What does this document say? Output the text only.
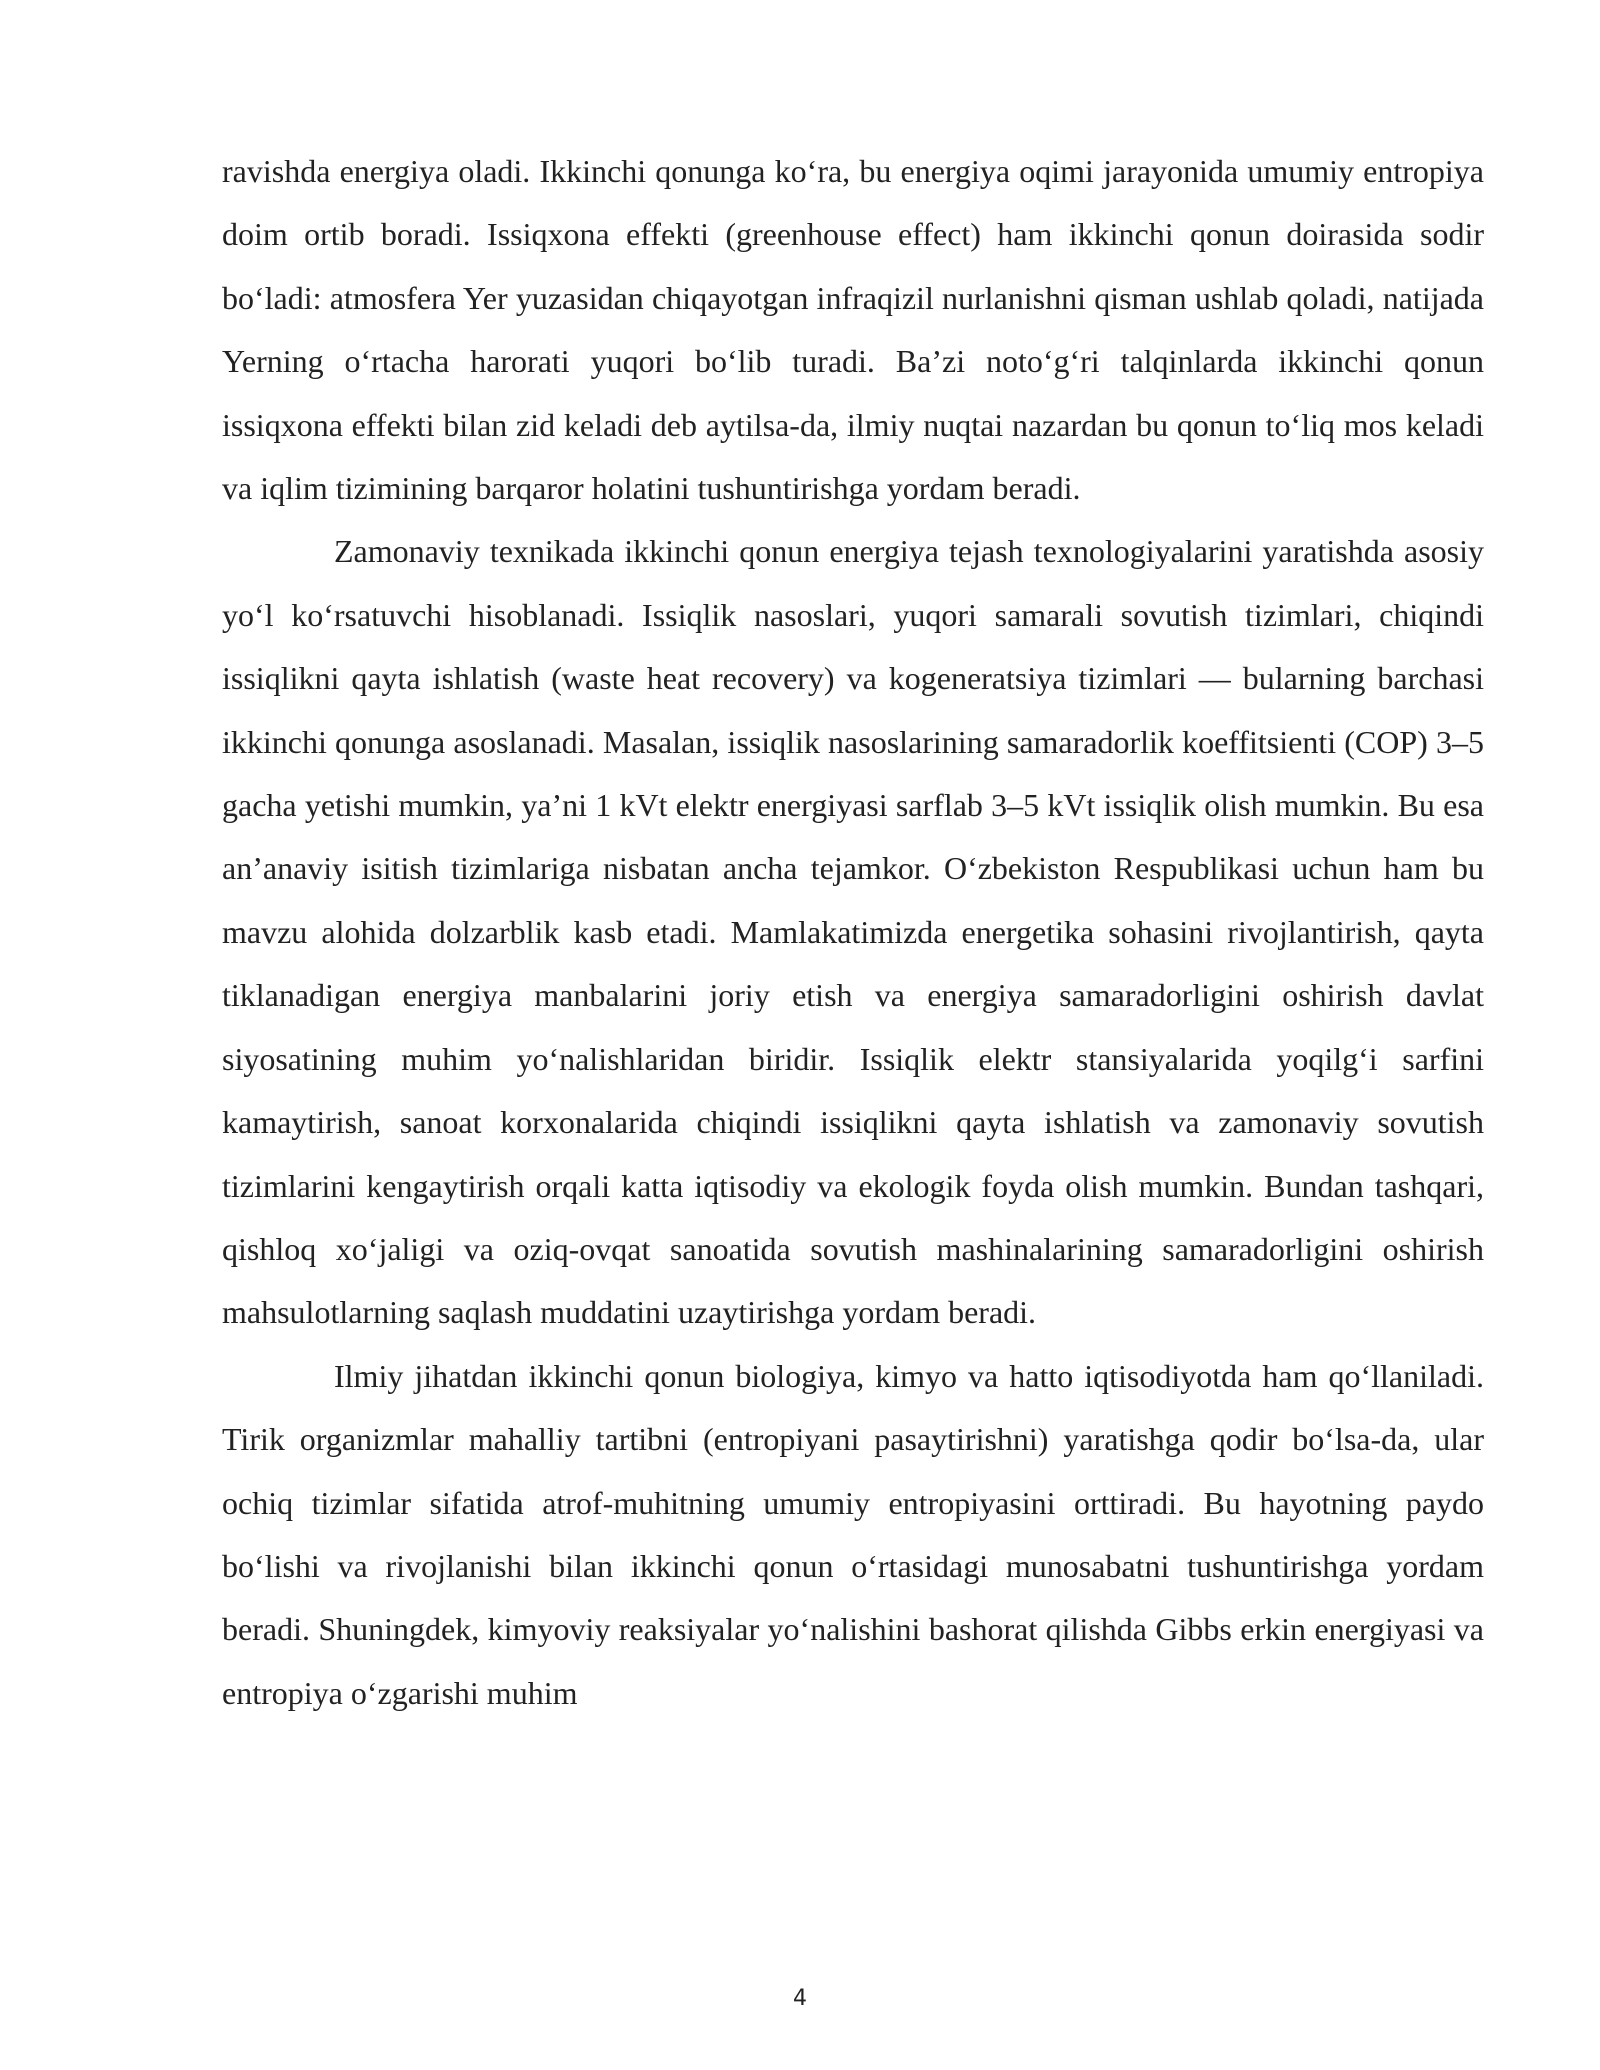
ravishda energiya oladi. Ikkinchi qonunga ko‘ra, bu energiya oqimi jarayonida umumiy entropiya doim ortib boradi. Issiqxona effekti (greenhouse effect) ham ikkinchi qonun doirasida sodir bo‘ladi: atmosfera Yer yuzasidan chiqayotgan infraqizil nurlanishni qisman ushlab qoladi, natijada Yerning o‘rtacha harorati yuqori bo‘lib turadi. Ba’zi noto‘g‘ri talqinlarda ikkinchi qonun issiqxona effekti bilan zid keladi deb aytilsa-da, ilmiy nuqtai nazardan bu qonun to‘liq mos keladi va iqlim tizimining barqaror holatini tushuntirishga yordam beradi.

Zamonaviy texnikada ikkinchi qonun energiya tejash texnologiyalarini yaratishda asosiy yo‘l ko‘rsatuvchi hisoblanadi. Issiqlik nasoslari, yuqori samarali sovutish tizimlari, chiqindi issiqlikni qayta ishlatish (waste heat recovery) va kogeneratsiya tizimlari — bularning barchasi ikkinchi qonunga asoslanadi. Masalan, issiqlik nasoslarining samaradorlik koeffitsienti (COP) 3–5 gacha yetishi mumkin, ya’ni 1 kVt elektr energiyasi sarflab 3–5 kVt issiqlik olish mumkin. Bu esa an’anaviy isitish tizimlariga nisbatan ancha tejamkor. O‘zbekiston Respublikasi uchun ham bu mavzu alohida dolzarblik kasb etadi. Mamlakatimizda energetika sohasini rivojlantirish, qayta tiklanadigan energiya manbalarini joriy etish va energiya samaradorligini oshirish davlat siyosatining muhim yo‘nalishlaridan biridir. Issiqlik elektr stansiyalarida yoqilg‘i sarfini kamaytirish, sanoat korxonalarida chiqindi issiqlikni qayta ishlatish va zamonaviy sovutish tizimlarini kengaytirish orqali katta iqtisodiy va ekologik foyda olish mumkin. Bundan tashqari, qishloq xo‘jaligi va oziq-ovqat sanoatida sovutish mashinalarining samaradorligini oshirish mahsulotlarning saqlash muddatini uzaytirishga yordam beradi.

Ilmiy jihatdan ikkinchi qonun biologiya, kimyo va hatto iqtisodiyotda ham qo‘llaniladi. Tirik organizmlar mahalliy tartibni (entropiyani pasaytirishni) yaratishga qodir bo‘lsa-da, ular ochiq tizimlar sifatida atrof-muhitning umumiy entropiyasini orttiradi. Bu hayotning paydo bo‘lishi va rivojlanishi bilan ikkinchi qonun o‘rtasidagi munosabatni tushuntirishga yordam beradi. Shuningdek, kimyoviy reaksiyalar yo‘nalishini bashorat qilishda Gibbs erkin energiyasi va entropiya o‘zgarishi muhim

4
